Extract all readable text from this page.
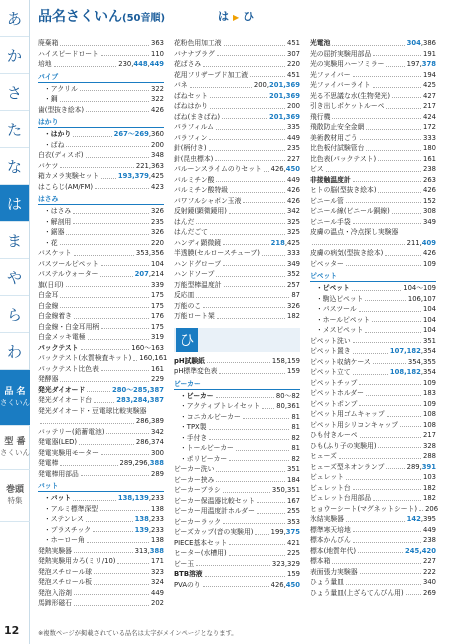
あ
か
さ
た
な
は
ま
や
ら
わ
品 名
さくいん
型 番
さくいん
巻頭
特集
12
品名さくいん(50音順)	は ▶ ひ
廃棄箱	363
ハイスピードロート	110
培地	230,448,449
パイプ
・アクリル	322
・鋼	322
歯(型抜き絵本)	426
はかり
・はかり	267〜269,360
・ばね	200
白衣(ディスポ)	348
バケツ	221,363
箱カメラ実験セット	193,379,425
はこらじ(AM/FM)	423
はさみ
・はさみ	326
・解剖用	235
・鋸器	326
・花	220
バスケット	353,356
パスツールピペット	104
パステルウォーター	207,214
旗(日印)	339
白金耳	175
白金線	175
白金線着き	176
白金線・白金耳用柄	175
白金メッキ電極	319
パックテスト	160〜163
パックテスト(水質検査キット) 160,161
パックテスト比色表	161
発酵器	229
発光ダイオード	280〜285,387
発光ダイオード台	283,284,387
発光ダイオード・豆電球比較実験器
286,389
バッテリー(鉛蓄電池)	342
発電器(LED)	286,374
発電実験用モーター	300
発電棒	289,296,388
発電棒用部品	289
バット
・バット	138,139,233
・アルミ標準深型	138
・ステンレス	138,233
・プラスチック	139,233
・ホーロー角	138
発熱実験器	313,388
発熱実験用カろ(ミリ/10)	171
発泡スチロール球	323
発泡スチロール板	324
発泡入浴剤	449
馬蹄形磁石	202
花粉色用加工液	451
バナナプラグ	307
花ばさみ	220
花用フリザーブド加工液	451
バネ	200,201,369
ばねセット	201,369
ばねはかり	200
ばね(まきばね)	201,369
パラフィルム	335
パラフィン	449
針(柄付き)	235
針(昆虫標本)	227
パルーンスライムのりセット 426,450
バルミチン酸	449
バルミチン酸特級	426
バワフルシャボン玉液	426
反射鏡(顕微鏡用)	342
はんだ	325
はんだごて	325
ハンディ顕微鏡	218,425
半透膜(セルロースチューブ)	333
ハンドグローブ	349
ハンドソープ	352
万能型棒温度計	257
反応皿	87
万能のこ	326
万能ロート架	182
ひ
pH試験紙	158,159
pH標準変色表	159
ビーカー
・ビーカー	80〜82
・アクティブトレイセット 80,361
・コニカルビーカー	81
・TPX製	81
・手付き	82
・トールビーカー	81
・ポリビーカー	82
ビーカー洗い	351
ビーカー挟み	184
ビーカーブラシ	350,351
ビーカー保温器比較セット	167
ビーカー用温度計ホルダー	255
ビーカーラック	353
ビーズカップ(音の実験用)	199,375
PIECE基本セット	421
ヒーター(水槽用)	225
ビー玉	323,329
BTB溶液	159
PVAのり	426,450
光電池	304,386
光の屈折実験用部品	191
光の実験用ハーフミラー	197,378
光ファイバー	194
光ファイバーライト	425
光る不思議な水(生物発光)	427
引き出しポケットルーペ	217
飛行機	424
飛散防止安全金網	172
美術教材用ごう	333
比色板付試験管台	180
比色表(パックテスト)	161
ビス	238
非接触温度計	263
ヒトの脳(型抜き絵本)	426
ビニール管	152
ビニール線(ビニール銅線)	308
ビニール手袋	349
皮膚の温点・冷点探し実験器
211,409
皮膚の病気(型抜き絵本)	426
ピペッター	109
ピペット
・ピペット	104〜109
・駒込ピペット	106,107
・パスツール	104
・ホールピペット	104
・メスピペット	104
ピペット洗い	351
ピペット置き	107,182,354
ピペット収納ケース	354,355
ピペット立て	108,182,354
ピペットチップ	109
ピペットホルダー	183
ピペットポンプ	109
ピペット用ゴムキャップ	108
ピペット用シリコンキャップ	108
ひも付きルーペ	217
ひも(ふり子の実験用)	328
ヒューズ	288
ヒューズ型ネオンランプ	289,391
ビュレット	103
ビュレット台	182
ビュレット台用部品	182
ヒョウーシート(マグネットシート) 206
氷結実験器	142,395
標準寒天培地	449
標本かんびん	238
標本(地質年代)	245,420
標本箱	227
表面張力実験器	222
ひょう量皿	340
ひょう量皿(上ざらてんびん用)	269
※複数ページが掲載されている品名は太字がメインページとなります。
